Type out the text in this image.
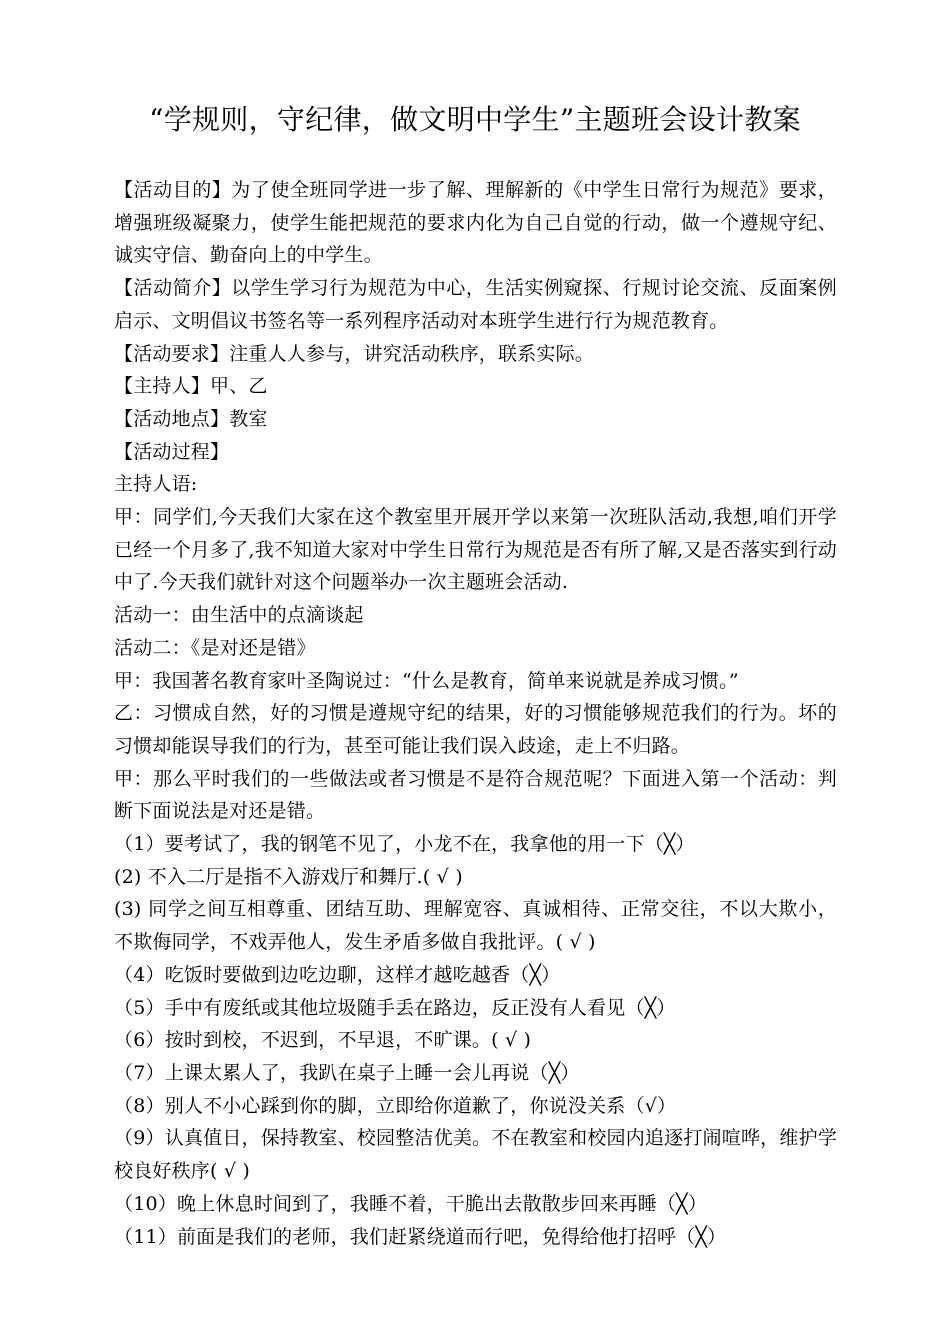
“学规则，守纪律，做文明中学生”主题班会设计教案

【活动目的】为了使全班同学进一步了解、理解新的《中学生日常行为规范》要求，增强班级凝聚力，使学生能把规范的要求内化为自己自觉的行动，做一个遵规守纪、诚实守信、勤奋向上的中学生。

【活动简介】以学生学习行为规范为中心，生活实例窥探、行规讨论交流、反面案例启示、文明倡议书签名等一系列程序活动对本班学生进行行为规范教育。

【活动要求】注重人人参与，讲究活动秩序，联系实际。

【主持人】甲、乙

【活动地点】教室

【活动过程】

主持人语:

甲：同学们,今天我们大家在这个教室里开展开学以来第一次班队活动,我想,咱们开学已经一个月多了,我不知道大家对中学生日常行为规范是否有所了解,又是否落实到行动中了.今天我们就针对这个问题举办一次主题班会活动.

活动一：由生活中的点滴谈起

活动二：《是对还是错》

甲：我国著名教育家叶圣陶说过：“什么是教育，简单来说就是养成习惯。”

乙：习惯成自然，好的习惯是遵规守纪的结果，好的习惯能够规范我们的行为。坏的习惯却能误导我们的行为，甚至可能让我们误入歧途，走上不归路。

甲：那么平时我们的一些做法或者习惯是不是符合规范呢？下面进入第一个活动：判断下面说法是对还是错。

（1）要考试了，我的钢笔不见了，小龙不在，我拿他的用一下（╳）

(2) 不入二厅是指不入游戏厅和舞厅.( √ )

(3) 同学之间互相尊重、团结互助、理解宽容、真诚相待、正常交往，不以大欺小，不欺侮同学，不戏弄他人，发生矛盾多做自我批评。( √ )

（4）吃饭时要做到边吃边聊，这样才越吃越香（╳）

（5）手中有废纸或其他垃圾随手丢在路边，反正没有人看见（╳）

（6）按时到校，不迟到，不早退，不旷课。( √ )

（7）上课太累人了，我趴在桌子上睡一会儿再说（╳）

（8）别人不小心踩到你的脚，立即给你道歉了，你说没关系（√）

（9）认真值日，保持教室、校园整洁优美。不在教室和校园内追逐打闹喧哗，维护学校良好秩序( √ )

（10）晚上休息时间到了，我睡不着，干脆出去散散步回来再睡（╳）

（11）前面是我们的老师，我们赶紧绕道而行吧，免得给他打招呼（╳）
